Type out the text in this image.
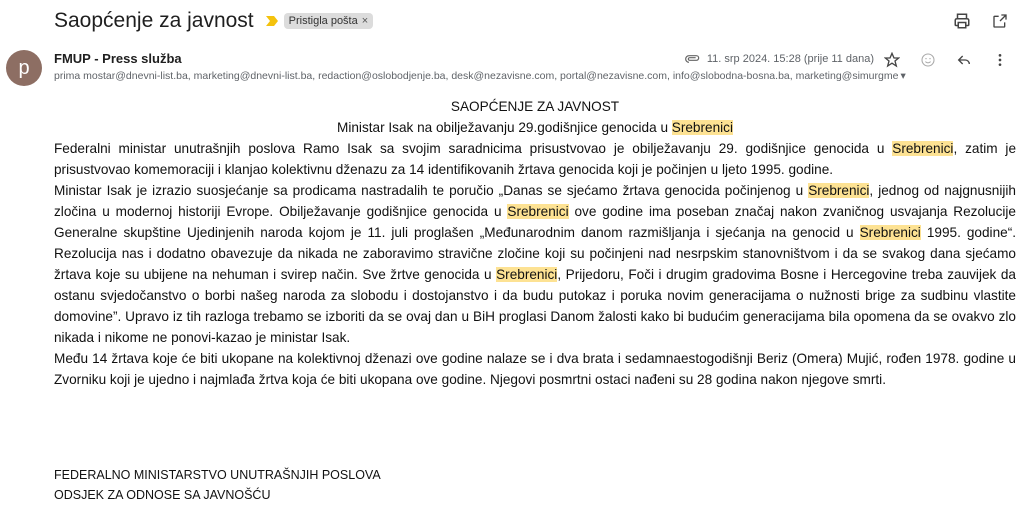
Saopćenje za javnost	Pristigla pošta ×
p	FMUP - Press služba
prima mostar@dnevni-list.ba, marketing@dnevni-list.ba, redaction@oslobodjenje.ba, desk@nezavisne.com, portal@nezavisne.com, info@slobodna-bosna.ba, marketing@simurgme ▾
11. srp 2024. 15:28 (prije 11 dana)
SAOPĆENJE ZA JAVNOST
Ministar Isak na obilježavanju 29.godišnjice genocida u Srebrenici
Federalni ministar unutrašnjih poslova Ramo Isak sa svojim saradnicima prisustvovao je obilježavanju 29. godišnjice genocida u Srebrenici, zatim je prisustvovao komemoraciji i klanjao kolektivnu dženazu za 14 identifikovanih žrtava genocida koji je počinjen u ljeto 1995. godine.
Ministar Isak je izrazio suosjećanje sa prodicama nastradalih te poručio „Danas se sjećamo žrtava genocida počinjenog u Srebrenici, jednog od najgnusnijih zločina u modernoj historiji Evrope. Obilježavanje godišnjice genocida u Srebrenici ove godine ima poseban značaj nakon zvaničnog usvajanja Rezolucije Generalne skupštine Ujedinjenih naroda kojom je 11. juli proglašen „Međunarodnim danom razmišljanja i sjećanja na genocid u Srebrenici 1995. godine“. Rezolucija nas i dodatno obavezuje da nikada ne zaboravimo stravične zločine koji su počinjeni nad nesrpskim stanovništvom i da se svakog dana sjećamo žrtava koje su ubijene na nehuman i svirep način. Sve žrtve genocida u Srebrenici, Prijedoru, Foči i drugim gradovima Bosne i Hercegovine treba zauvijek da ostanu svjedočanstvo o borbi našeg naroda za slobodu i dostojanstvo i da budu putokaz i poruka novim generacijama o nužnosti brige za sudbinu vlastite domovine”. Upravo iz tih razloga trebamo se izboriti da se ovaj dan u BiH proglasi Danom žalosti kako bi budućim generacijama bila opomena da se ovakvo zlo nikada i nikome ne ponovi-kazao je ministar Isak.
Među 14 žrtava koje će biti ukopane na kolektivnoj dženazi ove godine nalaze se i dva brata i sedamnaestogodišnji Beriz (Omera) Mujić, rođen 1978. godine u Zvorniku koji je ujedno i najmlađa žrtva koja će biti ukopana ove godine. Njegovi posmrtni ostaci nađeni su 28 godina nakon njegove smrti.
FEDERALNO MINISTARSTVO UNUTRAŠNJIH POSLOVA
ODSJEK ZA ODNOSE SA JAVNOŠĆU
